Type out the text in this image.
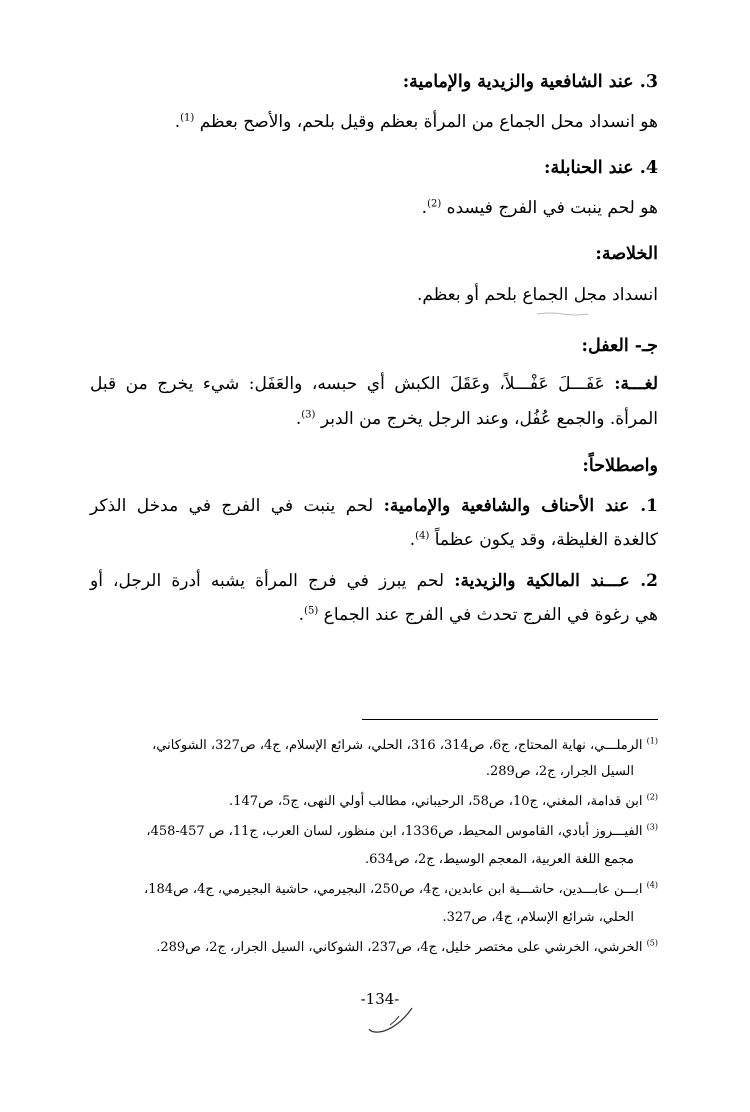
3. عند الشافعية والزيدية والإمامية:
هو انسداد محل الجماع من المرأة بعظم وقيل بلحم، والأصح بعظم $^{(1)}$.
4. عند الحنابلة:
هو لحم ينبت في الفرج فيسده $^{(2)}$.
الخلاصة:
انسداد مجل الجماع بلحم أو بعظم.
جـ- العفل:
لغـــة: عَفَـــلَ عَفْـــلاً، وعَقَلَ الكبش أي حبسه، والعَفَل: شيء يخرج من قبل
المرأة. والجمع عُفُل، وعند الرجل يخرج من الدبر $^{(3)}$.
واصطلاحاً:
1. عند الأحناف والشافعية والإمامية: لحم ينبت في الفرج في مدخل الذكر
كالغدة الغليظة، وقد يكون عظماً $^{(4)}$.
2. عـــند المالكية والزيدية: لحم يبرز في فرج المرأة يشبه أدرة الرجل، أو
هي رغوة في الفرج تحدث في الفرج عند الجماع $^{(5)}$.
$^{(1)}$ الرملـــي، نهاية المحتاج، ج6، ص314، 316، الحلي، شرائع الإسلام، ج4، ص327، الشوكاني،
السيل الجرار، ج2، ص289.
$^{(2)}$ ابن قدامة، المغني، ج10، ص58، الرحيباني، مطالب أولي النهى، ج5، ص147.
$^{(3)}$ الفيـــروز أبادي، القاموس المحيط، ص1336، ابن منظور، لسان العرب، ج11، ص 457-458،
مجمع اللغة العربية، المعجم الوسيط، ج2، ص634.
$^{(4)}$ ابـــن عابـــدين، حاشـــية ابن عابدين، ج4، ص250، البجيرمي، حاشية البجيرمي، ج4، ص184،
الحلي، شرائع الإسلام، ج4، ص327.
$^{(5)}$ الخرشي، الخرشي على مختصر خليل، ج4، ص237، الشوكاني، السيل الجرار، ج2، ص289.
-134-
